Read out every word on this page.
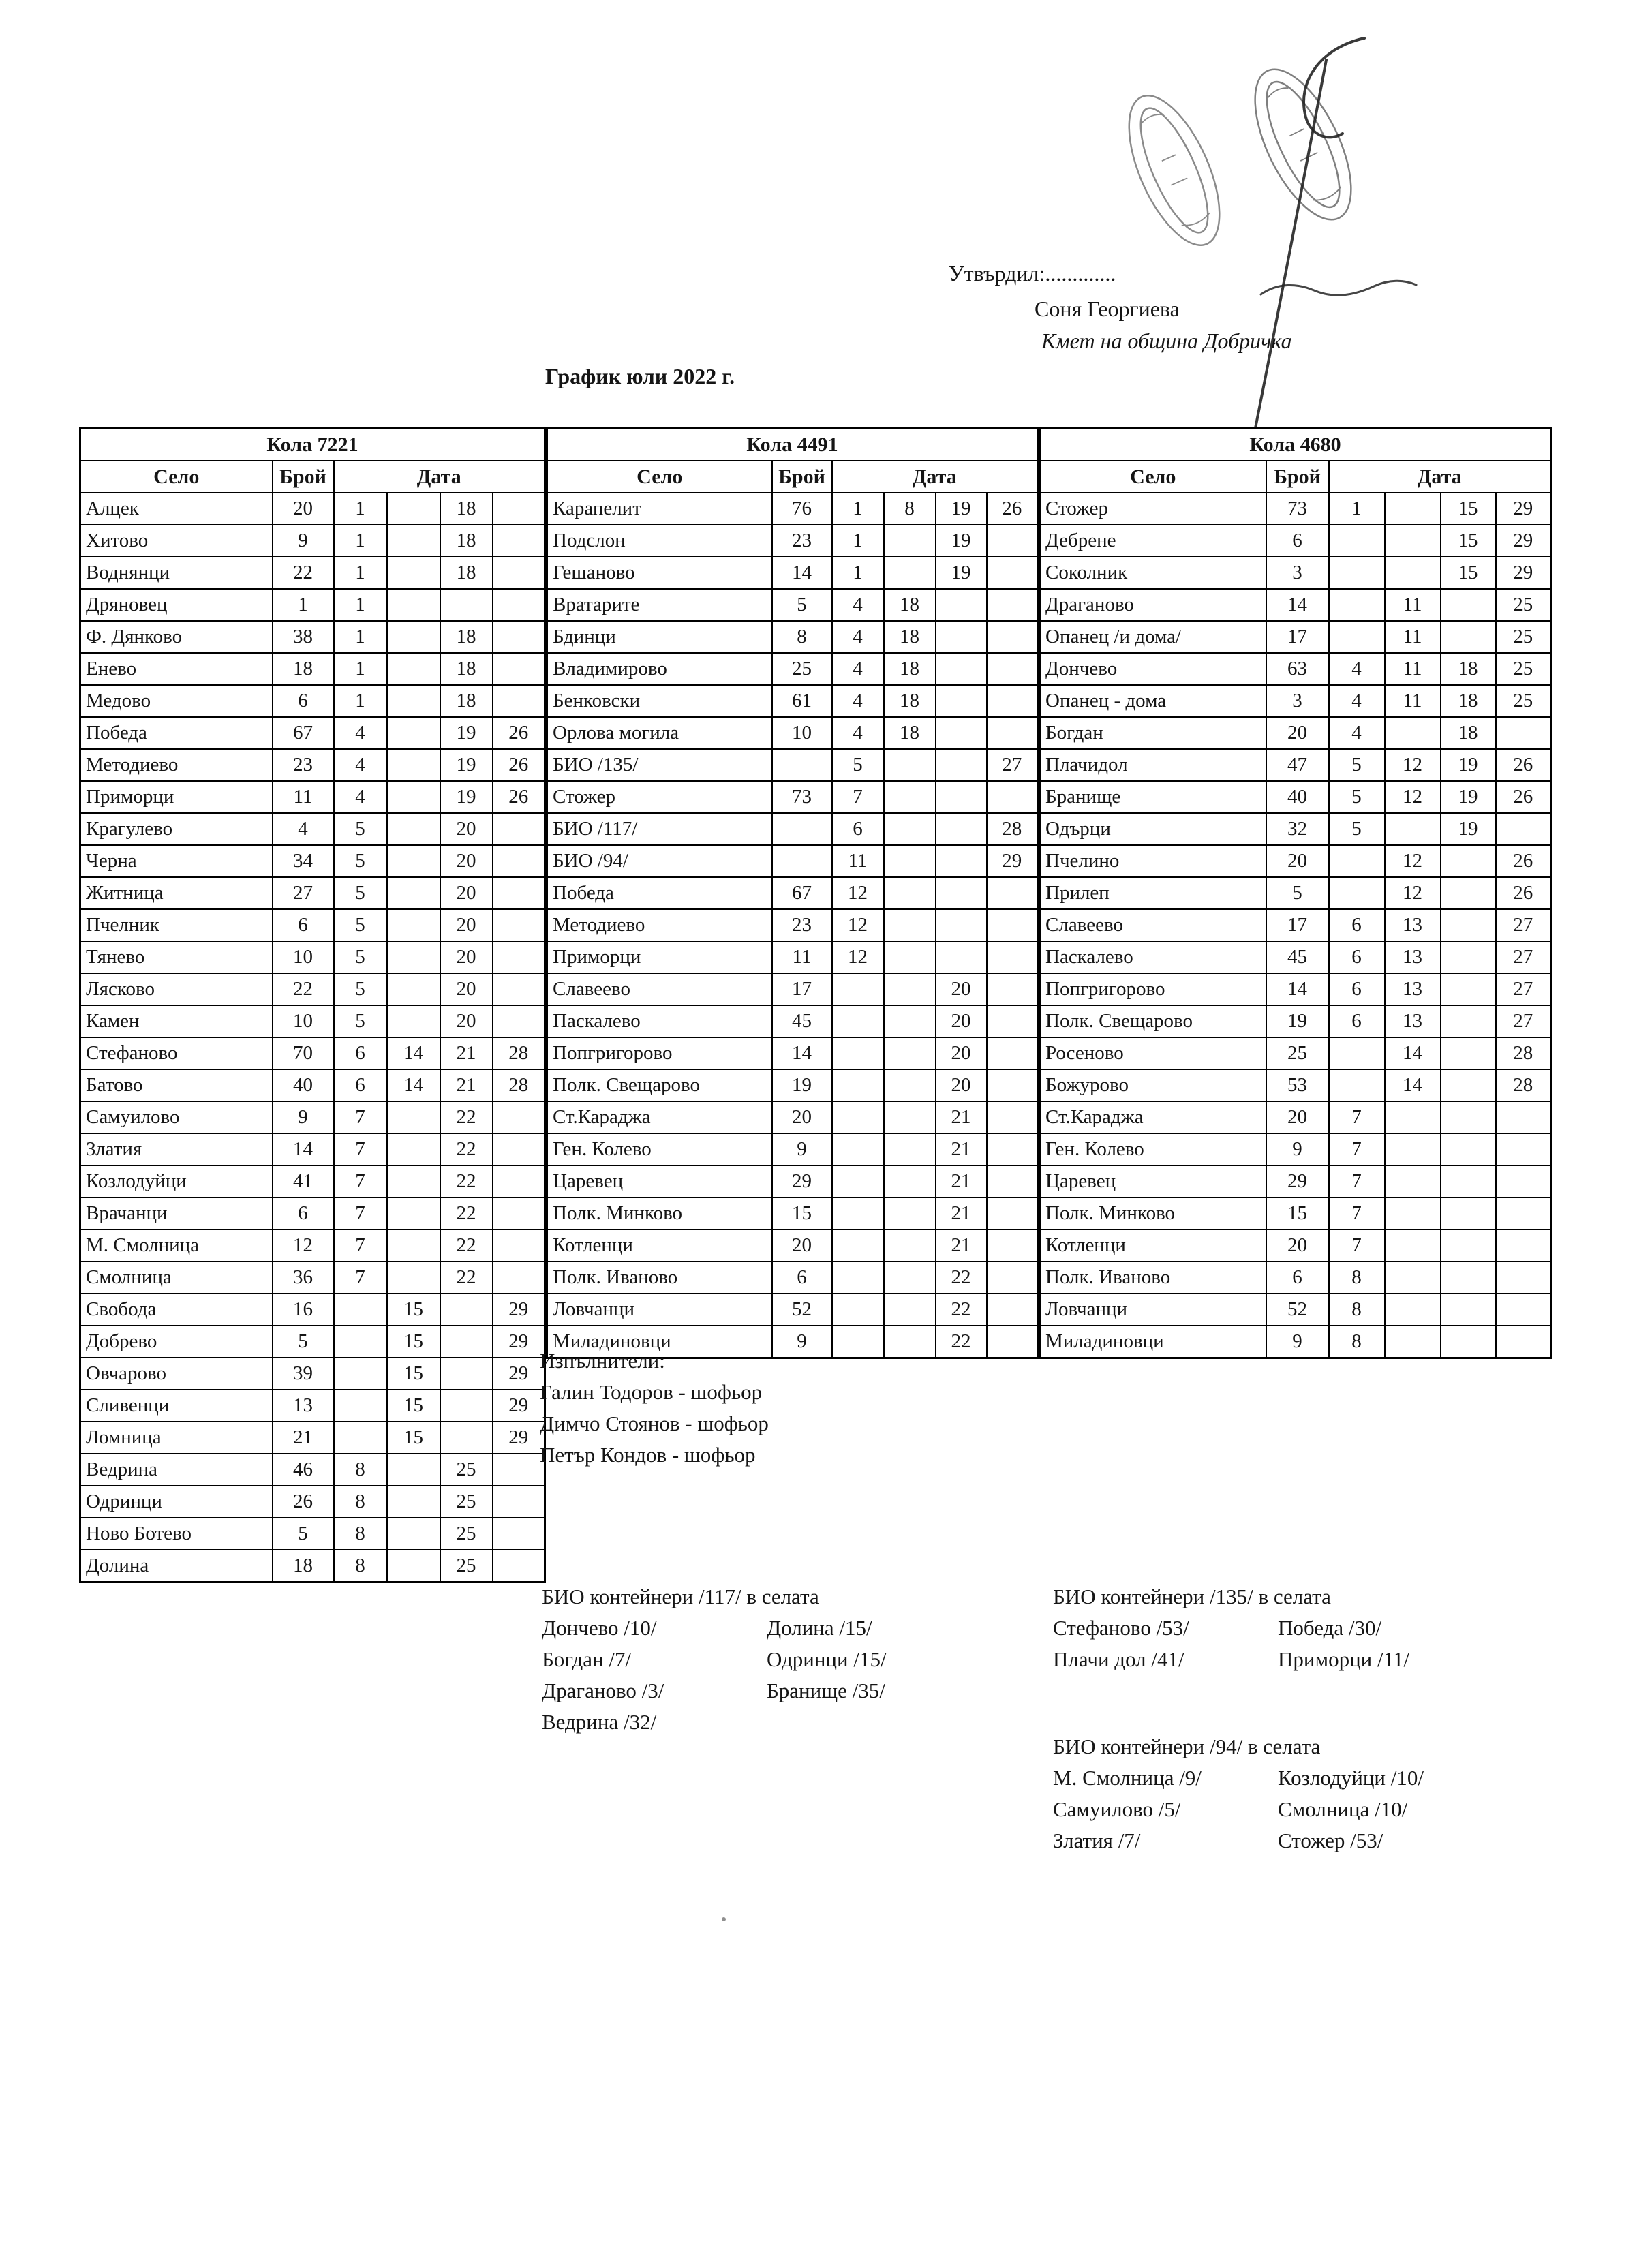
Утвърдил:.............
Соня Георгиева
Кмет на община Добричка
График юли 2022 г.
Кола 7221					
Село	Брой	Дата			
Алцек	20	1		18	
Хитово	9	1		18	
Воднянци	22	1		18	
Дряновец	1	1			
Ф. Дянково	38	1		18	
Енево	18	1		18	
Медово	6	1		18	
Победа	67	4		19	26
Методиево	23	4		19	26
Приморци	11	4		19	26
Крагулево	4	5		20	
Черна	34	5		20	
Житница	27	5		20	
Пчелник	6	5		20	
Тянево	10	5		20	
Лясково	22	5		20	
Камен	10	5		20	
Стефаново	70	6	14	21	28
Батово	40	6	14	21	28
Самуилово	9	7		22	
Златия	14	7		22	
Козлодуйци	41	7		22	
Врачанци	6	7		22	
М. Смолница	12	7		22	
Смолница	36	7		22	
Свобода	16		15		29
Добрево	5		15		29
Овчарово	39		15		29
Сливенци	13		15		29
Ломница	21		15		29
Ведрина	46	8		25	
Одринци	26	8		25	
Ново Ботево	5	8		25	
Долина	18	8		25	
Кола 4491					
Село	Брой	Дата			
Карапелит	76	1	8	19	26
Подслон	23	1		19	
Гешаново	14	1		19	
Вратарите	5	4	18		
Бдинци	8	4	18		
Владимирово	25	4	18		
Бенковски	61	4	18		
Орлова могила	10	4	18		
БИО /135/		5			27
Стожер	73	7			
БИО /117/		6			28
БИО /94/		11			29
Победа	67	12			
Методиево	23	12			
Приморци	11	12			
Славеево	17			20	
Паскалево	45			20	
Попгригорово	14			20	
Полк. Свещарово	19			20	
Ст.Караджа	20			21	
Ген. Колево	9			21	
Царевец	29			21	
Полк. Минково	15			21	
Котленци	20			21	
Полк. Иваново	6			22	
Ловчанци	52			22	
Миладиновци	9			22	
Кола 4680					
Село	Брой	Дата			
Стожер	73	1		15	29
Дебрене	6			15	29
Соколник	3			15	29
Драганово	14		11		25
Опанец /и дома/	17		11		25
Дончево	63	4	11	18	25
Опанец - дома	3	4	11	18	25
Богдан	20	4		18	
Плачидол	47	5	12	19	26
Бранище	40	5	12	19	26
Одърци	32	5		19	
Пчелино	20		12		26
Прилеп	5		12		26
Славеево	17	6	13		27
Паскалево	45	6	13		27
Попгригорово	14	6	13		27
Полк. Свещарово	19	6	13		27
Росеново	25		14		28
Божурово	53		14		28
Ст.Караджа	20	7			
Ген. Колево	9	7			
Царевец	29	7			
Полк. Минково	15	7			
Котленци	20	7			
Полк. Иваново	6	8			
Ловчанци	52	8			
Миладиновци	9	8			
Изпълнители:
Галин Тодоров - шофьор
Димчо Стоянов - шофьор
Петър Кондов - шофьор
БИО контейнери /117/ в селата
Дончево /10/
Богдан /7/
Драганово /3/
Ведрина /32/
Долина /15/
Одринци /15/
Бранище /35/
БИО контейнери /135/ в селата
Стефаново /53/
Плачи дол /41/
Победа /30/
Приморци /11/
БИО контейнери /94/ в селата
М. Смолница /9/
Самуилово /5/
Златия /7/
Козлодуйци /10/
Смолница /10/
Стожер /53/
